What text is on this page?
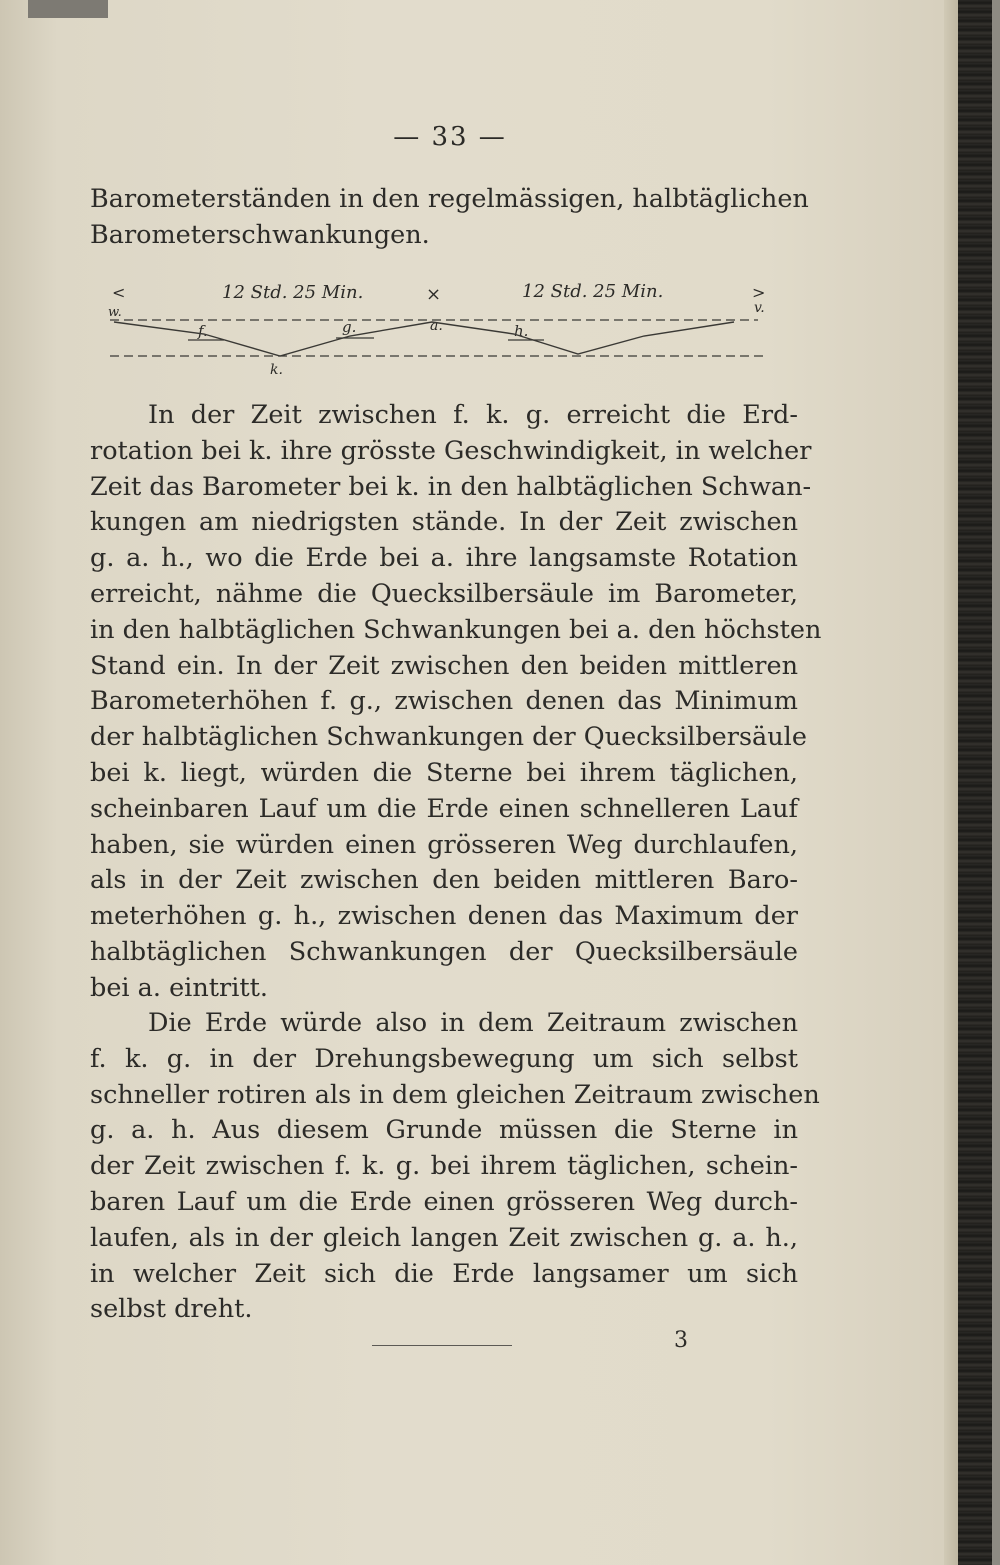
— 33 —
Barometerständen in den regelmässigen, halbtäglichen
Barometerschwankungen.
<	12 Std. 25 Min.	×	12 Std. 25 Min.	>
w.	v.
f.	g.	a.	h.
k.
In der Zeit zwischen f. k. g. erreicht die Erd-
rotation bei k. ihre grösste Geschwindigkeit, in welcher
Zeit das Barometer bei k. in den halbtäglichen Schwan-
kungen am niedrigsten stände. In der Zeit zwischen
g. a. h., wo die Erde bei a. ihre langsamste Rotation
erreicht, nähme die Quecksilbersäule im Barometer,
in den halbtäglichen Schwankungen bei a. den höchsten
Stand ein. In der Zeit zwischen den beiden mittleren
Barometerhöhen f. g., zwischen denen das Minimum
der halbtäglichen Schwankungen der Quecksilbersäule
bei k. liegt, würden die Sterne bei ihrem täglichen,
scheinbaren Lauf um die Erde einen schnelleren Lauf
haben, sie würden einen grösseren Weg durchlaufen,
als in der Zeit zwischen den beiden mittleren Baro-
meterhöhen g. h., zwischen denen das Maximum der
halbtäglichen Schwankungen der Quecksilbersäule
bei a. eintritt.
Die Erde würde also in dem Zeitraum zwischen
f. k. g. in der Drehungsbewegung um sich selbst
schneller rotiren als in dem gleichen Zeitraum zwischen
g. a. h. Aus diesem Grunde müssen die Sterne in
der Zeit zwischen f. k. g. bei ihrem täglichen, schein-
baren Lauf um die Erde einen grösseren Weg durch-
laufen, als in der gleich langen Zeit zwischen g. a. h.,
in welcher Zeit sich die Erde langsamer um sich
selbst dreht.
3
